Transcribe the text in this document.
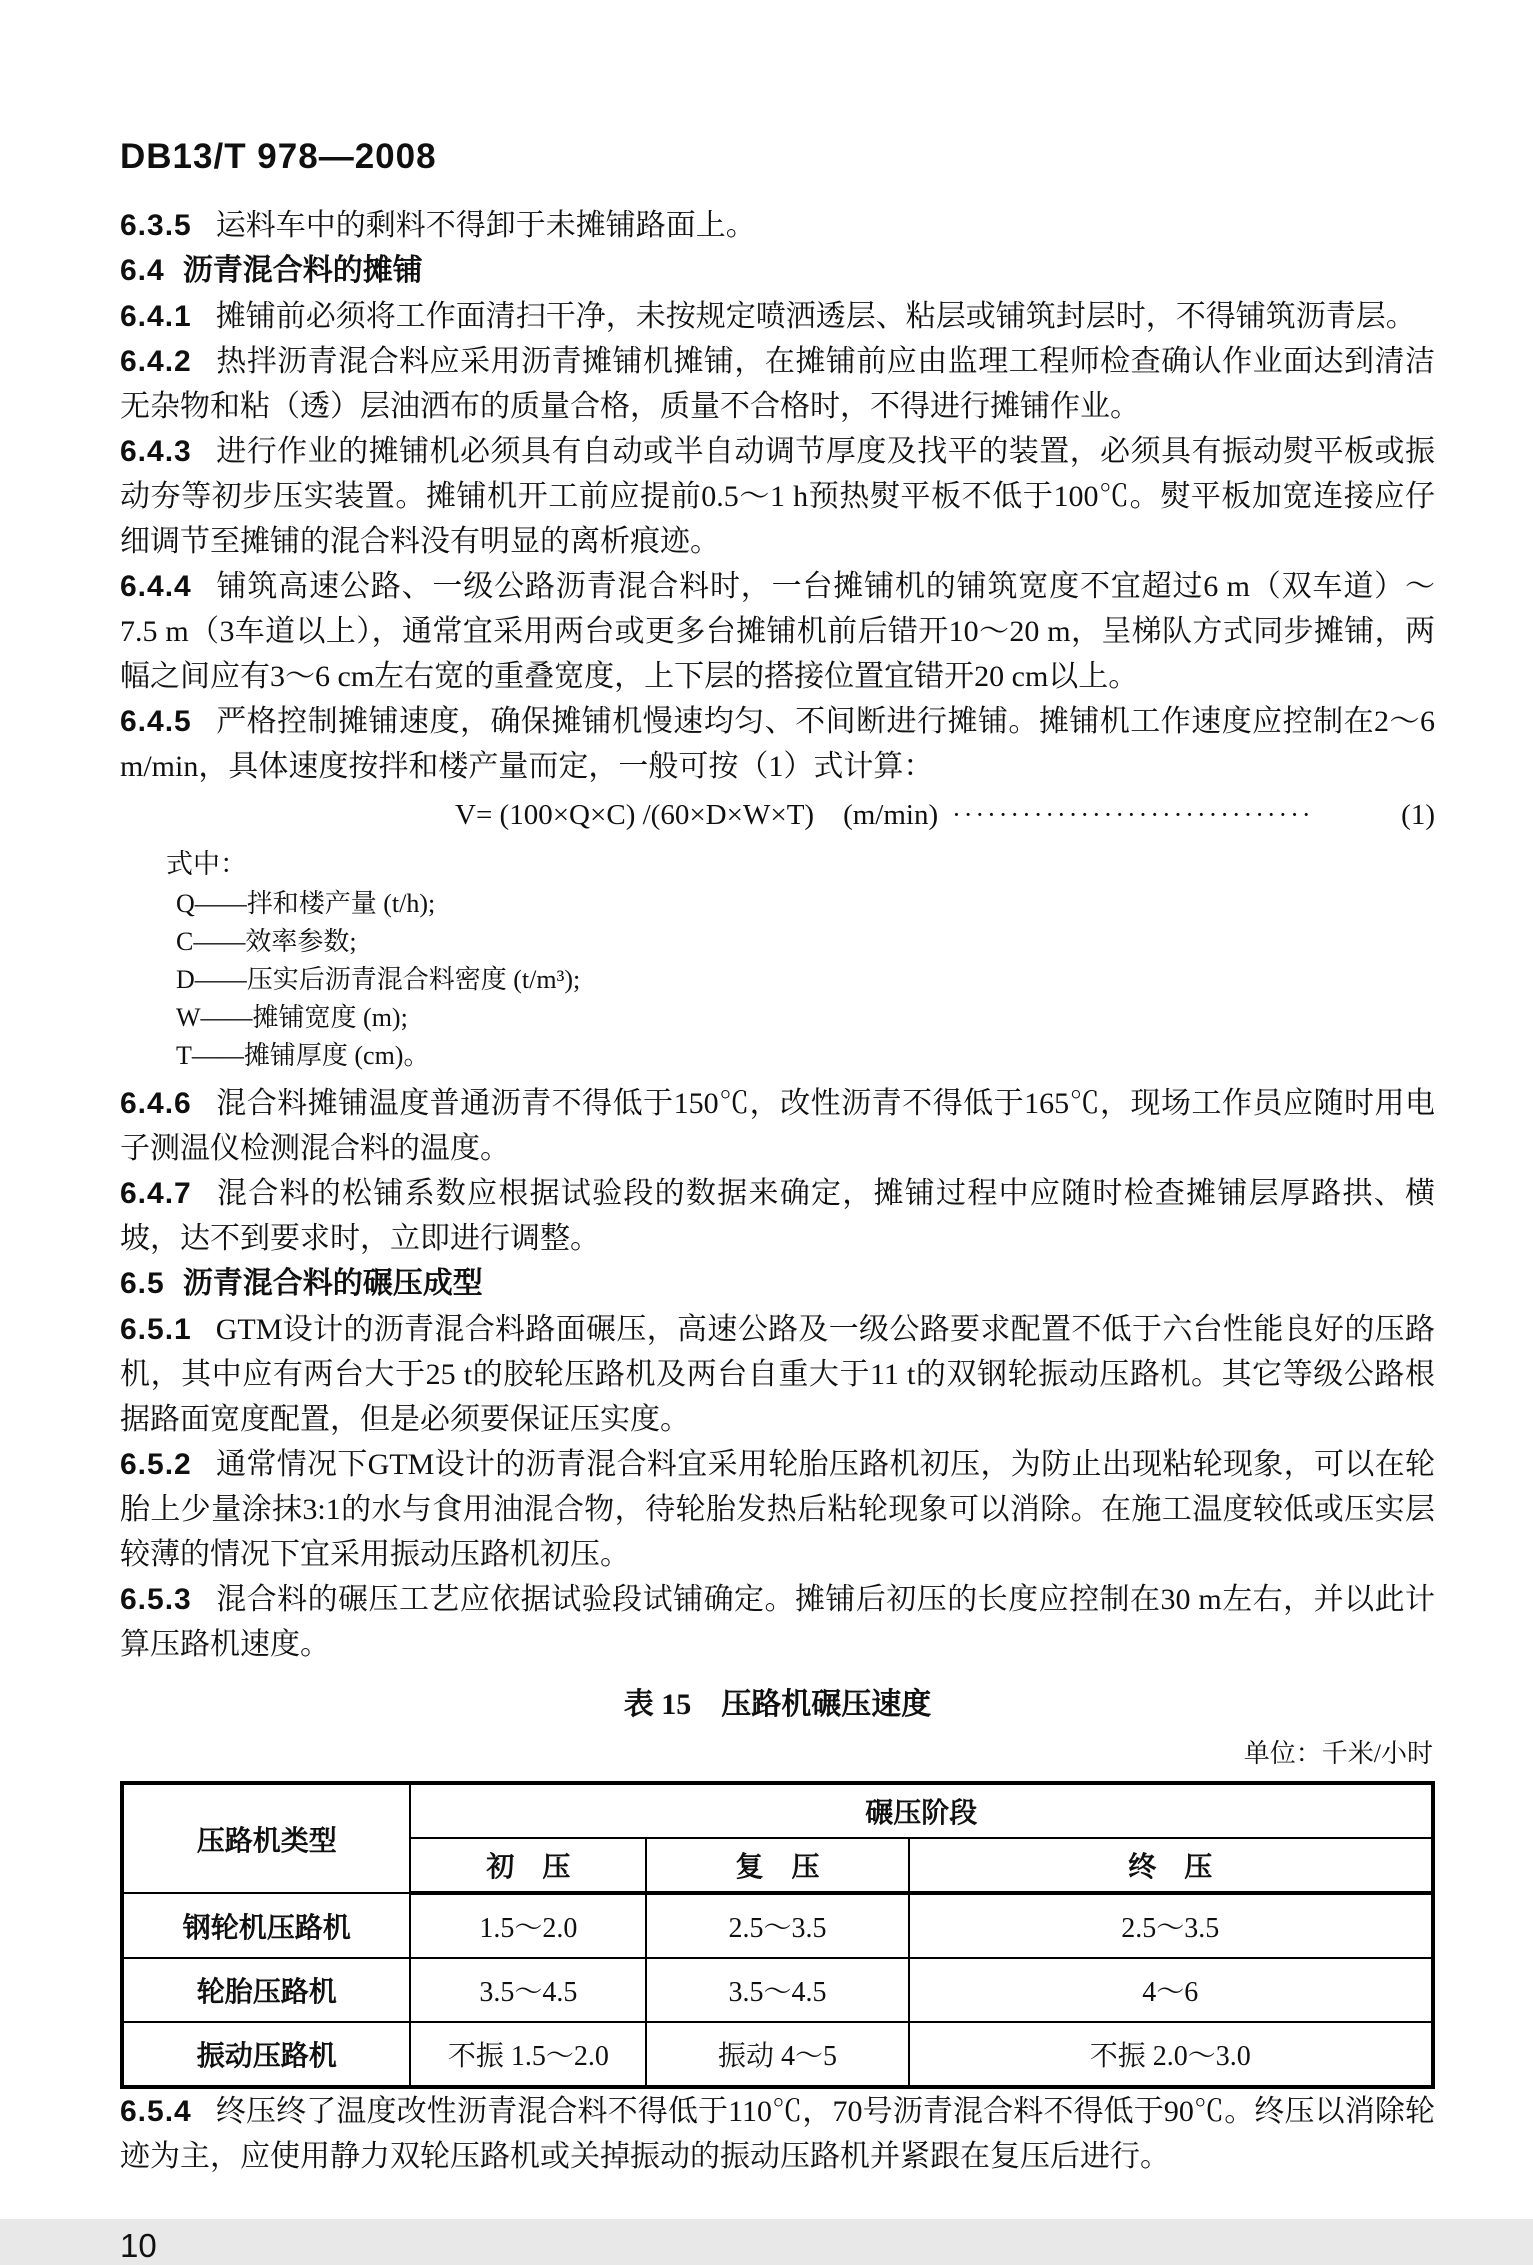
DB13/T 978—2008

6.3.5 运料车中的剩料不得卸于未摊铺路面上。

6.4 沥青混合料的摊铺

6.4.1 摊铺前必须将工作面清扫干净，未按规定喷洒透层、粘层或铺筑封层时，不得铺筑沥青层。

6.4.2 热拌沥青混合料应采用沥青摊铺机摊铺，在摊铺前应由监理工程师检查确认作业面达到清洁无杂物和粘（透）层油洒布的质量合格，质量不合格时，不得进行摊铺作业。

6.4.3 进行作业的摊铺机必须具有自动或半自动调节厚度及找平的装置，必须具有振动熨平板或振动夯等初步压实装置。摊铺机开工前应提前0.5～1 h预热熨平板不低于100℃。熨平板加宽连接应仔细调节至摊铺的混合料没有明显的离析痕迹。

6.4.4 铺筑高速公路、一级公路沥青混合料时，一台摊铺机的铺筑宽度不宜超过6 m（双车道）～7.5 m（3车道以上），通常宜采用两台或更多台摊铺机前后错开10～20 m，呈梯队方式同步摊铺，两幅之间应有3～6 cm左右宽的重叠宽度，上下层的搭接位置宜错开20 cm以上。

6.4.5 严格控制摊铺速度，确保摊铺机慢速均匀、不间断进行摊铺。摊铺机工作速度应控制在2～6 m/min，具体速度按拌和楼产量而定，一般可按（1）式计算：

V= (100×Q×C) /(60×D×W×T)　(m/min) ·······························	(1)
式中：
Q——拌和楼产量 (t/h);
C——效率参数;
D——压实后沥青混合料密度 (t/m³);
W——摊铺宽度 (m);
T——摊铺厚度 (cm)。

6.4.6 混合料摊铺温度普通沥青不得低于150℃，改性沥青不得低于165℃，现场工作员应随时用电子测温仪检测混合料的温度。

6.4.7 混合料的松铺系数应根据试验段的数据来确定，摊铺过程中应随时检查摊铺层厚路拱、横坡，达不到要求时，立即进行调整。

6.5 沥青混合料的碾压成型

6.5.1 GTM设计的沥青混合料路面碾压，高速公路及一级公路要求配置不低于六台性能良好的压路机，其中应有两台大于25 t的胶轮压路机及两台自重大于11 t的双钢轮振动压路机。其它等级公路根据路面宽度配置，但是必须要保证压实度。

6.5.2 通常情况下GTM设计的沥青混合料宜采用轮胎压路机初压，为防止出现粘轮现象，可以在轮胎上少量涂抹3:1的水与食用油混合物，待轮胎发热后粘轮现象可以消除。在施工温度较低或压实层较薄的情况下宜采用振动压路机初压。

6.5.3 混合料的碾压工艺应依据试验段试铺确定。摊铺后初压的长度应控制在30 m左右，并以此计算压路机速度。

表 15　压路机碾压速度
单位：千米/小时
压路机类型	碾压阶段		
	初　压	复　压	终　压
钢轮机压路机	1.5～2.0	2.5～3.5	2.5～3.5
轮胎压路机	3.5～4.5	3.5～4.5	4～6
振动压路机	不振 1.5～2.0	振动 4～5	不振 2.0～3.0

6.5.4 终压终了温度改性沥青混合料不得低于110℃，70号沥青混合料不得低于90℃。终压以消除轮迹为主，应使用静力双轮压路机或关掉振动的振动压路机并紧跟在复压后进行。

10
